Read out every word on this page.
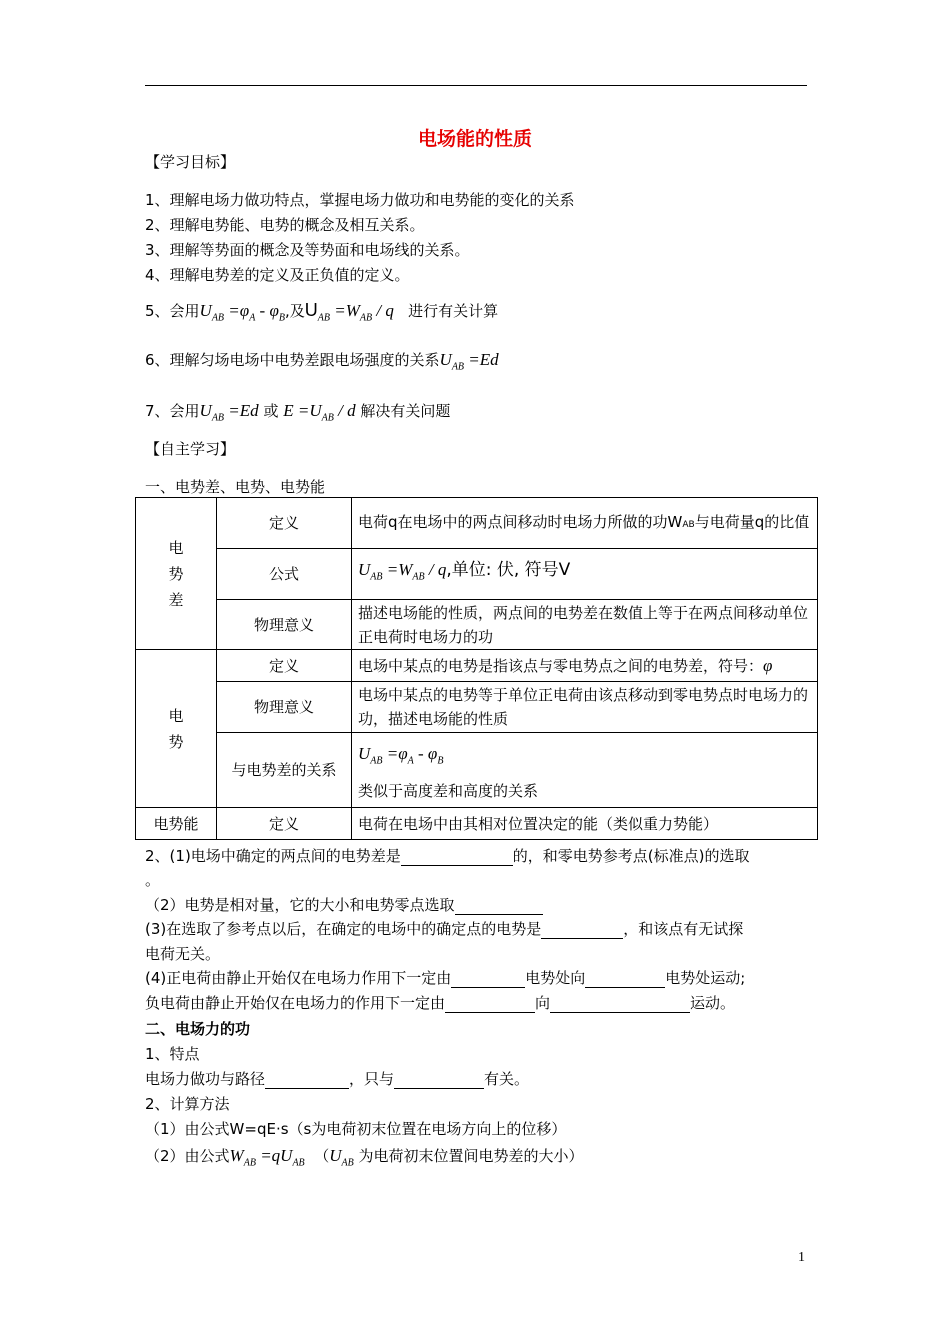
电场能的性质
【学习目标】
1、理解电场力做功特点，掌握电场力做功和电势能的变化的关系
2、理解电势能、电势的概念及相互关系。
3、理解等势面的概念及等势面和电场线的关系。
4、理解电势差的定义及正负值的定义。
5、会用$U_{AB} =\varphi_A - \varphi_B$,及$U_{AB} =W_{AB} / q$ 进行有关计算
6、理解匀场电场中电势差跟电场强度的关系$U_{AB} =Ed$
7、会用$U_{AB} =Ed$ 或 $E =U_{AB} / d$ 解决有关问题
【自主学习】
一、电势差、电势、电势能
电
势
差	定义	电荷q在电场中的两点间移动时电场力所做的功WAB与电荷量q的比值
	公式	$U_{AB} =W_{AB} / q$,单位: 伏, 符号V
	物理意义	描述电场能的性质，两点间的电势差在数值上等于在两点间移动单位正电荷时电场力的功
电
势	定义	电场中某点的电势是指该点与零电势点之间的电势差，符号：φ
	物理意义	电场中某点的电势等于单位正电荷由该点移动到零电势点时电场力的功，描述电场能的性质
	与电势差的关系	$U_{AB} =\varphi_A - \varphi_B$
类似于高度差和高度的关系

电势能	定义	电荷在电场中由其相对位置决定的能（类似重力势能）
2、(1)电场中确定的两点间的电势差是	的，和零电势参考点(标准点)的选取
。
（2）电势是相对量，它的大小和电势零点选取
(3)在选取了参考点以后，在确定的电场中的确定点的电势是	，和该点有无试探
电荷无关。
(4)正电荷由静止开始仅在电场力作用下一定由	电势处向	电势处运动;
负电荷由静止开始仅在电场力的作用下一定由	向	运动。
二、电场力的功
1、特点
电场力做功与路径	，只与	有关。
2、计算方法
（1）由公式W=qE·s（s为电荷初末位置在电场方向上的位移）
（2）由公式$W_{AB} =qU_{AB}$  （$U_{AB}$ 为电荷初末位置间电势差的大小）
1
